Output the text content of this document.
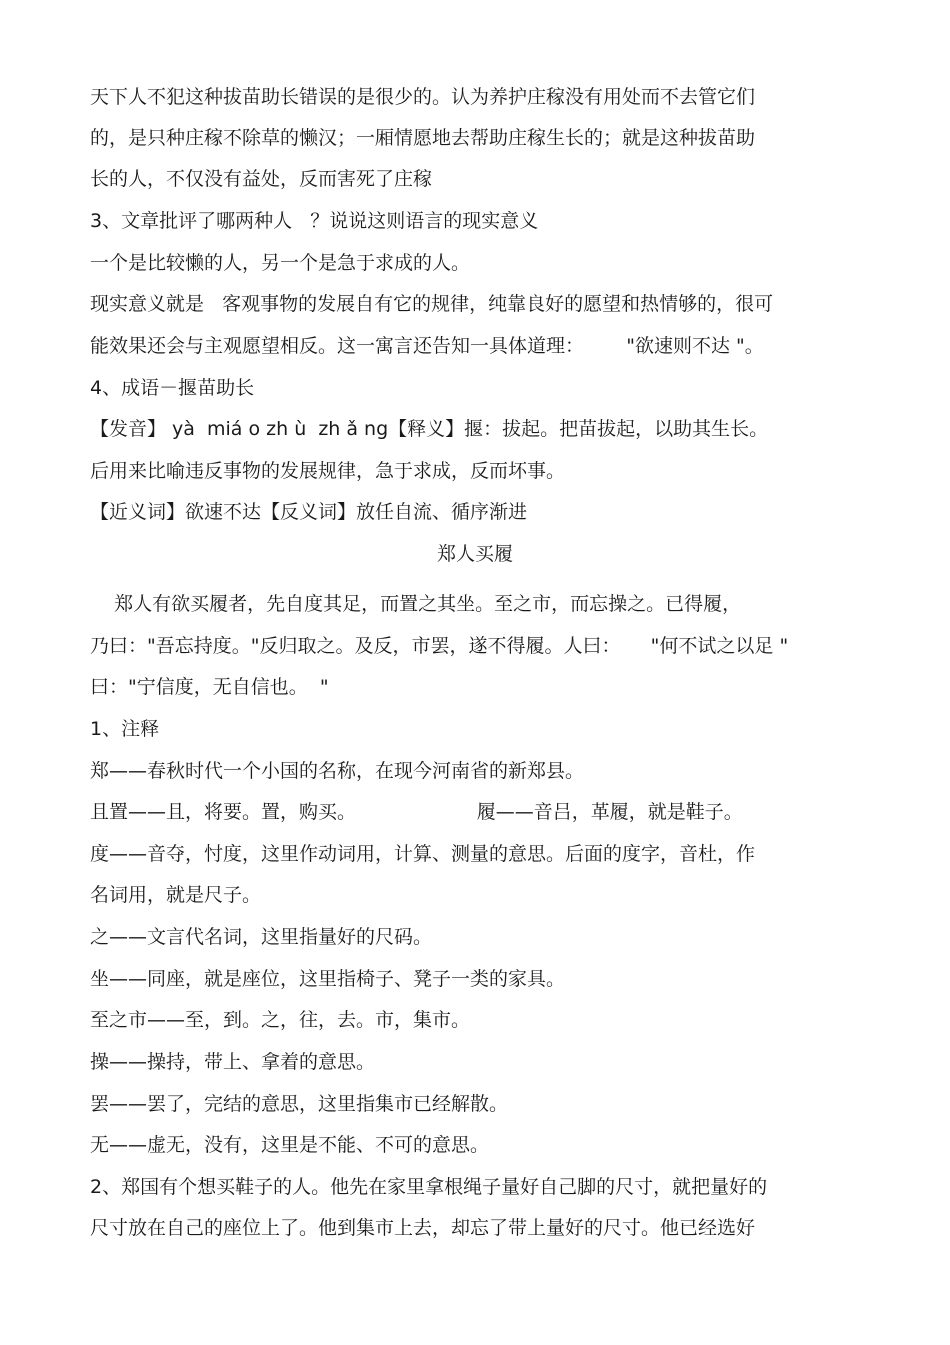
天下人不犯这种拔苗助长错误的是很少的。认为养护庄稼没有用处而不去管它们
的，是只种庄稼不除草的懒汉；一厢情愿地去帮助庄稼生长的；就是这种拔苗助
长的人，不仅没有益处，反而害死了庄稼
3、文章批评了哪两种人   ？说说这则语言的现实意义
一个是比较懒的人，另一个是急于求成的人。
现实意义就是   客观事物的发展自有它的规律，纯靠良好的愿望和热情够的，很可
能效果还会与主观愿望相反。这一寓言还告知一具体道理：       "欲速则不达 "。
4、成语－揠苗助长
【发音】 yà  miá o zh ù  zh ǎ ng【释义】揠：拔起。把苗拔起，以助其生长。
后用来比喻违反事物的发展规律，急于求成，反而坏事。
【近义词】欲速不达【反义词】放任自流、循序渐进
郑人买履
郑人有欲买履者，先自度其足，而置之其坐。至之市，而忘操之。已得履，
乃曰："吾忘持度。"反归取之。及反，市罢，遂不得履。人曰：     "何不试之以足 "
曰："宁信度，无自信也。  "
1、注释
郑——春秋时代一个小国的名称，在现今河南省的新郑县。
且置——且，将要。置，购买。                    履——音吕，革履，就是鞋子。
度——音夺，忖度，这里作动词用，计算、测量的意思。后面的度字，音杜，作
名词用，就是尺子。
之——文言代名词，这里指量好的尺码。
坐——同座，就是座位，这里指椅子、凳子一类的家具。
至之市——至，到。之，往，去。市，集市。
操——操持，带上、拿着的意思。
罢——罢了，完结的意思，这里指集市已经解散。
无——虚无，没有，这里是不能、不可的意思。
2、郑国有个想买鞋子的人。他先在家里拿根绳子量好自己脚的尺寸，就把量好的
尺寸放在自己的座位上了。他到集市上去，却忘了带上量好的尺寸。他已经选好
